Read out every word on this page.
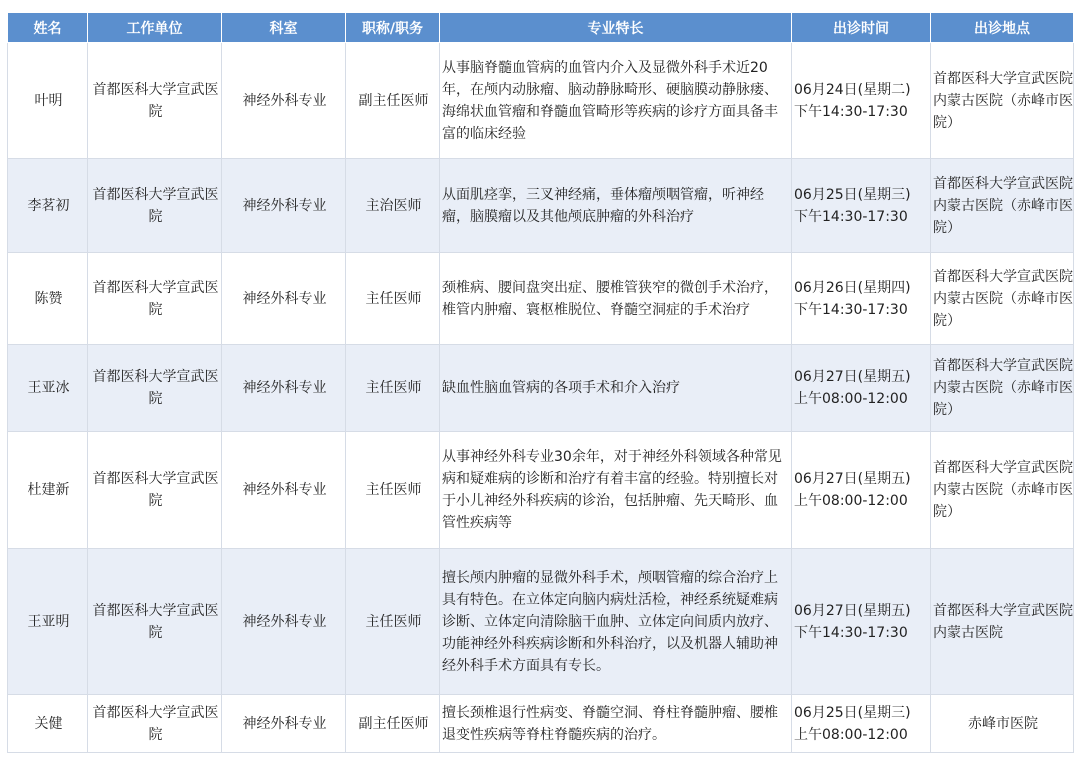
姓名	工作单位	科室	职称/职务	专业特长	出诊时间	出诊地点
叶明	首都医科大学宣武医院	神经外科专业	副主任医师	从事脑脊髓血管病的血管内介入及显微外科手术近20年，在颅内动脉瘤、脑动静脉畸形、硬脑膜动静脉瘘、海绵状血管瘤和脊髓血管畸形等疾病的诊疗方面具备丰富的临床经验	06月24日(星期二)
下午14:30-17:30	首都医科大学宣武医院内蒙古医院（赤峰市医院）
李茗初	首都医科大学宣武医院	神经外科专业	主治医师	从面肌痉挛，三叉神经痛，垂体瘤颅咽管瘤，听神经瘤，脑膜瘤以及其他颅底肿瘤的外科治疗	06月25日(星期三)
下午14:30-17:30	首都医科大学宣武医院内蒙古医院（赤峰市医院）
陈赞	首都医科大学宣武医院	神经外科专业	主任医师	颈椎病、腰间盘突出症、腰椎管狭窄的微创手术治疗，椎管内肿瘤、寰枢椎脱位、脊髓空洞症的手术治疗	06月26日(星期四)
下午14:30-17:30	首都医科大学宣武医院内蒙古医院（赤峰市医院）
王亚冰	首都医科大学宣武医院	神经外科专业	主任医师	缺血性脑血管病的各项手术和介入治疗	06月27日(星期五)
上午08:00-12:00	首都医科大学宣武医院内蒙古医院（赤峰市医院）
杜建新	首都医科大学宣武医院	神经外科专业	主任医师	从事神经外科专业30余年，对于神经外科领域各种常见病和疑难病的诊断和治疗有着丰富的经验。特别擅长对于小儿神经外科疾病的诊治，包括肿瘤、先天畸形、血管性疾病等	06月27日(星期五)
上午08:00-12:00	首都医科大学宣武医院内蒙古医院（赤峰市医院）
王亚明	首都医科大学宣武医院	神经外科专业	主任医师	擅长颅内肿瘤的显微外科手术，颅咽管瘤的综合治疗上具有特色。在立体定向脑内病灶活检，神经系统疑难病诊断、立体定向清除脑干血肿、立体定向间质内放疗、功能神经外科疾病诊断和外科治疗，以及机器人辅助神经外科手术方面具有专长。	06月27日(星期五)
下午14:30-17:30	首都医科大学宣武医院内蒙古医院
关健	首都医科大学宣武医院	神经外科专业	副主任医师	擅长颈椎退行性病变、脊髓空洞、脊柱脊髓肿瘤、腰椎退变性疾病等脊柱脊髓疾病的治疗。	06月25日(星期三)
上午08:00-12:00	赤峰市医院
